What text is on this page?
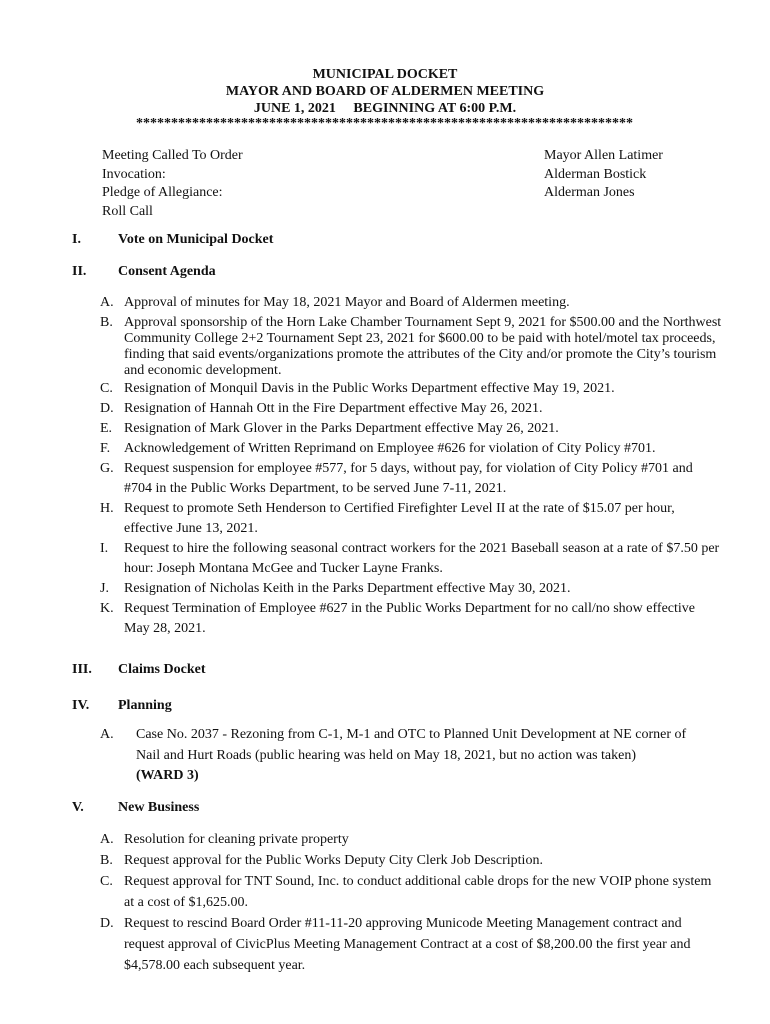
MUNICIPAL DOCKET
MAYOR AND BOARD OF ALDERMEN MEETING
JUNE 1, 2021     BEGINNING AT 6:00 P.M.
***********************************************************************
Meeting Called To Order
Invocation:
Pledge of Allegiance:
Roll Call
Mayor Allen Latimer
Alderman Bostick
Alderman Jones
I.	Vote on Municipal Docket
II. Consent Agenda
A. Approval of minutes for May 18, 2021 Mayor and Board of Aldermen meeting.
B. Approval sponsorship of the Horn Lake Chamber Tournament Sept 9, 2021 for $500.00 and the Northwest Community College 2+2 Tournament Sept 23, 2021 for $600.00 to be paid with hotel/motel tax proceeds, finding that said events/organizations promote the attributes of the City and/or promote the City’s tourism and economic development.
C. Resignation of Monquil Davis in the Public Works Department effective May 19, 2021.
D. Resignation of Hannah Ott in the Fire Department effective May 26, 2021.
E. Resignation of Mark Glover in the Parks Department effective May 26, 2021.
F. Acknowledgement of Written Reprimand on Employee #626 for violation of City Policy #701.
G. Request suspension for employee #577, for 5 days, without pay, for violation of City Policy #701 and #704 in the Public Works Department, to be served June 7-11, 2021.
H. Request to promote Seth Henderson to Certified Firefighter Level II at the rate of $15.07 per hour, effective June 13, 2021.
I. Request to hire the following seasonal contract workers for the 2021 Baseball season at a rate of $7.50 per hour: Joseph Montana McGee and Tucker Layne Franks.
J. Resignation of Nicholas Keith in the Parks Department effective May 30, 2021.
K. Request Termination of Employee #627 in the Public Works Department for no call/no show effective May 28, 2021.
III. Claims Docket
IV. Planning
A. Case No. 2037 - Rezoning from C-1, M-1 and OTC to Planned Unit Development at NE corner of Nail and Hurt Roads (public hearing was held on May 18, 2021, but no action was taken)
(WARD 3)
V. New Business
A. Resolution for cleaning private property
B. Request approval for the Public Works Deputy City Clerk Job Description.
C. Request approval for TNT Sound, Inc. to conduct additional cable drops for the new VOIP phone system at a cost of $1,625.00.
D. Request to rescind Board Order #11-11-20 approving Municode Meeting Management contract and request approval of CivicPlus Meeting Management Contract at a cost of $8,200.00 the first year and $4,578.00 each subsequent year.
